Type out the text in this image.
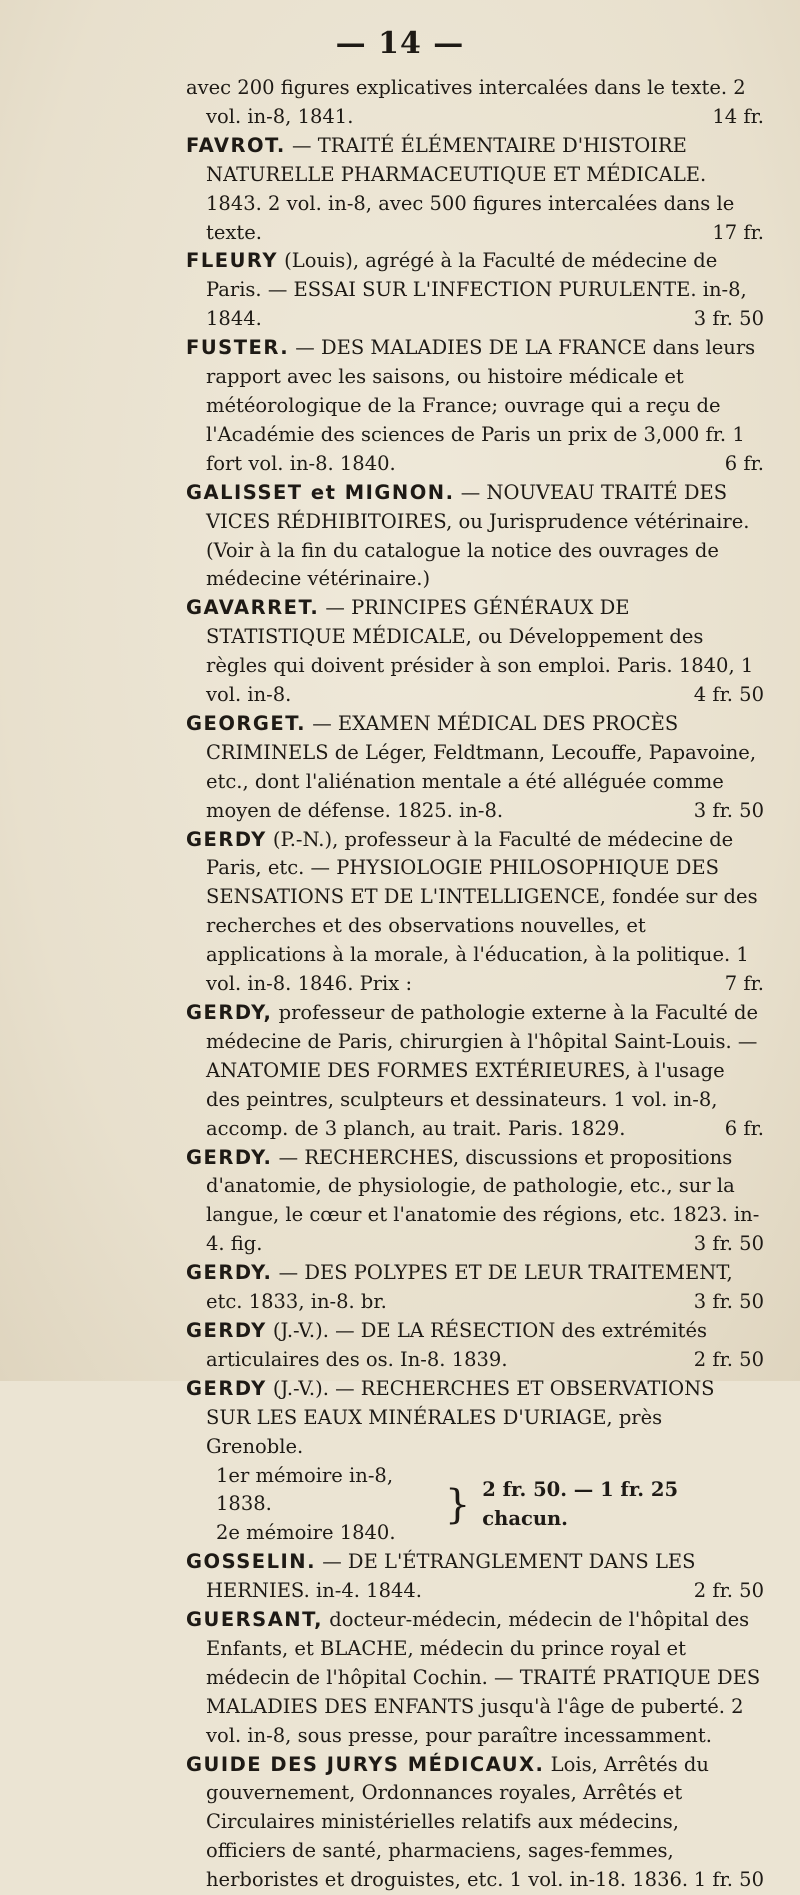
— 14 —

avec 200 figures explicatives intercalées dans le texte. 2 vol. in-8, 1841.	14 fr.

FAVROT. — TRAITÉ ÉLÉMENTAIRE D'HISTOIRE NATURELLE PHARMACEUTIQUE ET MÉDICALE. 1843. 2 vol. in-8, avec 500 figures intercalées dans le texte.	17 fr.

FLEURY (Louis), agrégé à la Faculté de médecine de Paris. — ESSAI SUR L'INFECTION PURULENTE. in-8, 1844.	3 fr. 50

FUSTER. — DES MALADIES DE LA FRANCE dans leurs rapport avec les saisons, ou histoire médicale et météorologique de la France; ouvrage qui a reçu de l'Académie des sciences de Paris un prix de 3,000 fr. 1 fort vol. in-8. 1840.	6 fr.

GALISSET et MIGNON. — NOUVEAU TRAITÉ DES VICES RÉDHIBITOIRES, ou Jurisprudence vétérinaire. (Voir à la fin du catalogue la notice des ouvrages de médecine vétérinaire.)

GAVARRET. — PRINCIPES GÉNÉRAUX DE STATISTIQUE MÉDICALE, ou Développement des règles qui doivent présider à son emploi. Paris. 1840, 1 vol. in-8.	4 fr. 50

GEORGET. — EXAMEN MÉDICAL DES PROCÈS CRIMINELS de Léger, Feldtmann, Lecouffe, Papavoine, etc., dont l'aliénation mentale a été alléguée comme moyen de défense. 1825. in-8.	3 fr. 50

GERDY (P.-N.), professeur à la Faculté de médecine de Paris, etc. — PHYSIOLOGIE PHILOSOPHIQUE DES SENSATIONS ET DE L'INTELLIGENCE, fondée sur des recherches et des observations nouvelles, et applications à la morale, à l'éducation, à la politique. 1 vol. in-8. 1846. Prix :	7 fr.

GERDY, professeur de pathologie externe à la Faculté de médecine de Paris, chirurgien à l'hôpital Saint-Louis. — ANATOMIE DES FORMES EXTÉRIEURES, à l'usage des peintres, sculpteurs et dessinateurs. 1 vol. in-8, accomp. de 3 planch, au trait. Paris. 1829.	6 fr.

GERDY. — RECHERCHES, discussions et propositions d'anatomie, de physiologie, de pathologie, etc., sur la langue, le cœur et l'anatomie des régions, etc. 1823. in-4. fig.	3 fr. 50

GERDY. — DES POLYPES ET DE LEUR TRAITEMENT, etc. 1833, in-8. br.	3 fr. 50

GERDY (J.-V.). — DE LA RÉSECTION des extrémités articulaires des os. In-8. 1839.	2 fr. 50

GERDY (J.-V.). — RECHERCHES ET OBSERVATIONS SUR LES EAUX MINÉRALES D'URIAGE, près Grenoble.

1er mémoire in-8, 1838.
2e mémoire 1840.
} 2 fr. 50. — 1 fr. 25 chacun.

GOSSELIN. — DE L'ÉTRANGLEMENT DANS LES HERNIES. in-4. 1844.	2 fr. 50

GUERSANT, docteur-médecin, médecin de l'hôpital des Enfants, et BLACHE, médecin du prince royal et médecin de l'hôpital Cochin. — TRAITÉ PRATIQUE DES MALADIES DES ENFANTS jusqu'à l'âge de puberté. 2 vol. in-8, sous presse, pour paraître incessamment.

GUIDE DES JURYS MÉDICAUX. Lois, Arrêtés du gouvernement, Ordonnances royales, Arrêtés et Circulaires ministérielles relatifs aux médecins, officiers de santé, pharmaciens, sages-femmes, herboristes et droguistes, etc. 1 vol. in-18. 1836. 1 fr. 50
